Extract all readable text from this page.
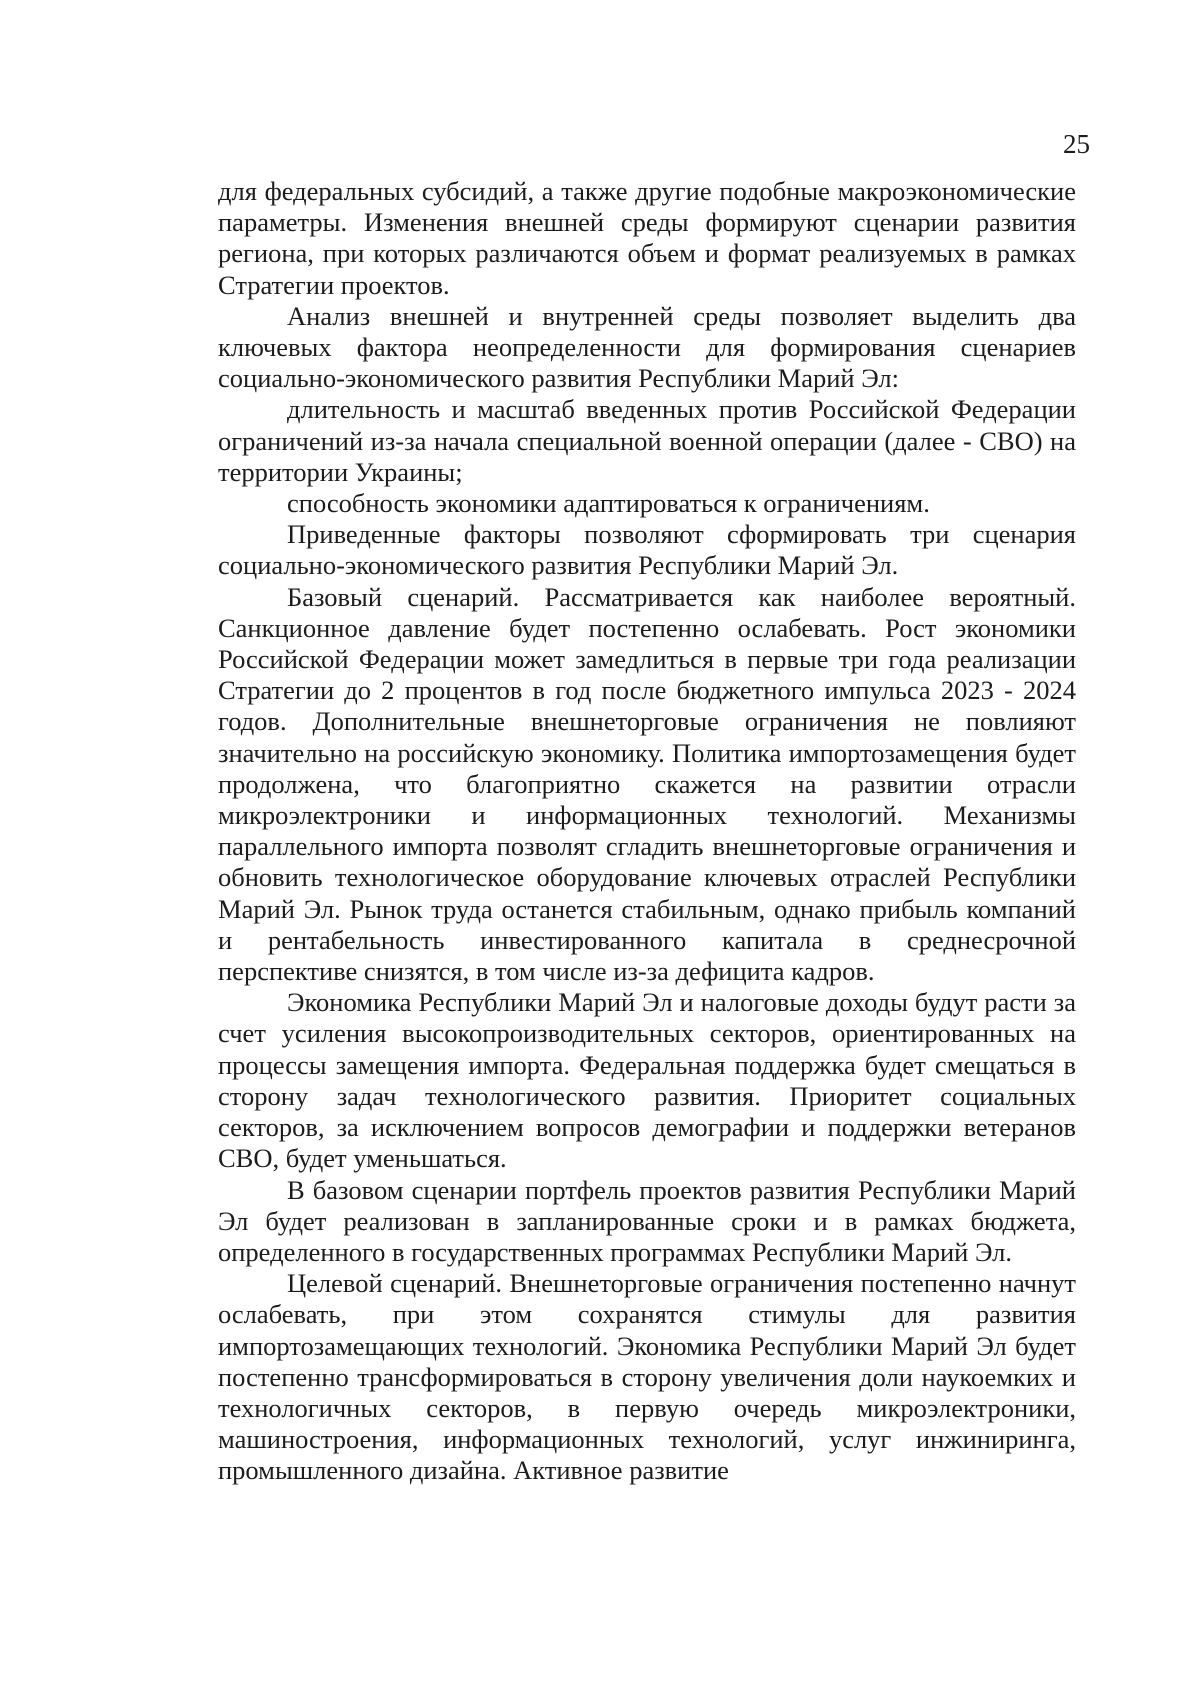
25

для федеральных субсидий, а также другие подобные макроэкономические параметры. Изменения внешней среды формируют сценарии развития региона, при которых различаются объем и формат реализуемых в рамках Стратегии проектов.

Анализ внешней и внутренней среды позволяет выделить два ключевых фактора неопределенности для формирования сценариев социально-экономического развития Республики Марий Эл:

длительность и масштаб введенных против Российской Федерации ограничений из-за начала специальной военной операции (далее - СВО) на территории Украины;

способность экономики адаптироваться к ограничениям.

Приведенные факторы позволяют сформировать три сценария социально-экономического развития Республики Марий Эл.

Базовый сценарий. Рассматривается как наиболее вероятный. Санкционное давление будет постепенно ослабевать. Рост экономики Российской Федерации может замедлиться в первые три года реализации Стратегии до 2 процентов в год после бюджетного импульса 2023 - 2024 годов. Дополнительные внешнеторговые ограничения не повлияют значительно на российскую экономику. Политика импортозамещения будет продолжена, что благоприятно скажется на развитии отрасли микроэлектроники и информационных технологий. Механизмы параллельного импорта позволят сгладить внешнеторговые ограничения и обновить технологическое оборудование ключевых отраслей Республики Марий Эл. Рынок труда останется стабильным, однако прибыль компаний и рентабельность инвестированного капитала в среднесрочной перспективе снизятся, в том числе из-за дефицита кадров.

Экономика Республики Марий Эл и налоговые доходы будут расти за счет усиления высокопроизводительных секторов, ориентированных на процессы замещения импорта. Федеральная поддержка будет смещаться в сторону задач технологического развития. Приоритет социальных секторов, за исключением вопросов демографии и поддержки ветеранов СВО, будет уменьшаться.

В базовом сценарии портфель проектов развития Республики Марий Эл будет реализован в запланированные сроки и в рамках бюджета, определенного в государственных программах Республики Марий Эл.

Целевой сценарий. Внешнеторговые ограничения постепенно начнут ослабевать, при этом сохранятся стимулы для развития импортозамещающих технологий. Экономика Республики Марий Эл будет постепенно трансформироваться в сторону увеличения доли наукоемких и технологичных секторов, в первую очередь микроэлектроники, машиностроения, информационных технологий, услуг инжиниринга, промышленного дизайна. Активное развитие
